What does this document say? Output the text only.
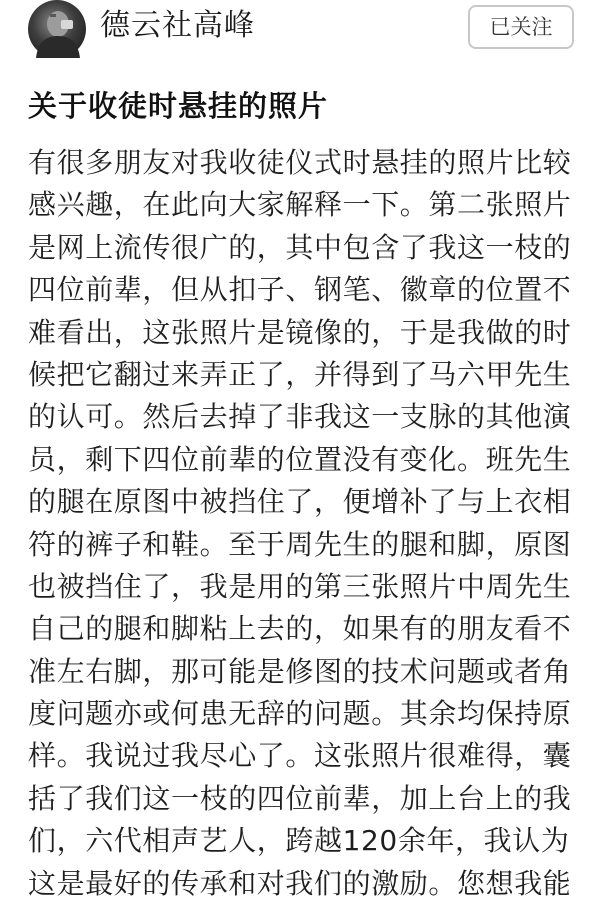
德云社高峰	已关注
关于收徒时悬挂的照片
有很多朋友对我收徒仪式时悬挂的照片比较
感兴趣，在此向大家解释一下。第二张照片
是网上流传很广的，其中包含了我这一枝的
四位前辈，但从扣子、钢笔、徽章的位置不
难看出，这张照片是镜像的，于是我做的时
候把它翻过来弄正了，并得到了马六甲先生
的认可。然后去掉了非我这一支脉的其他演
员，剩下四位前辈的位置没有变化。班先生
的腿在原图中被挡住了，便增补了与上衣相
符的裤子和鞋。至于周先生的腿和脚，原图
也被挡住了，我是用的第三张照片中周先生
自己的腿和脚粘上去的，如果有的朋友看不
准左右脚，那可能是修图的技术问题或者角
度问题亦或何患无辞的问题。其余均保持原
样。我说过我尽心了。这张照片很难得，囊
括了我们这一枝的四位前辈，加上台上的我
们，六代相声艺人，跨越120余年，我认为
这是最好的传承和对我们的激励。您想我能
